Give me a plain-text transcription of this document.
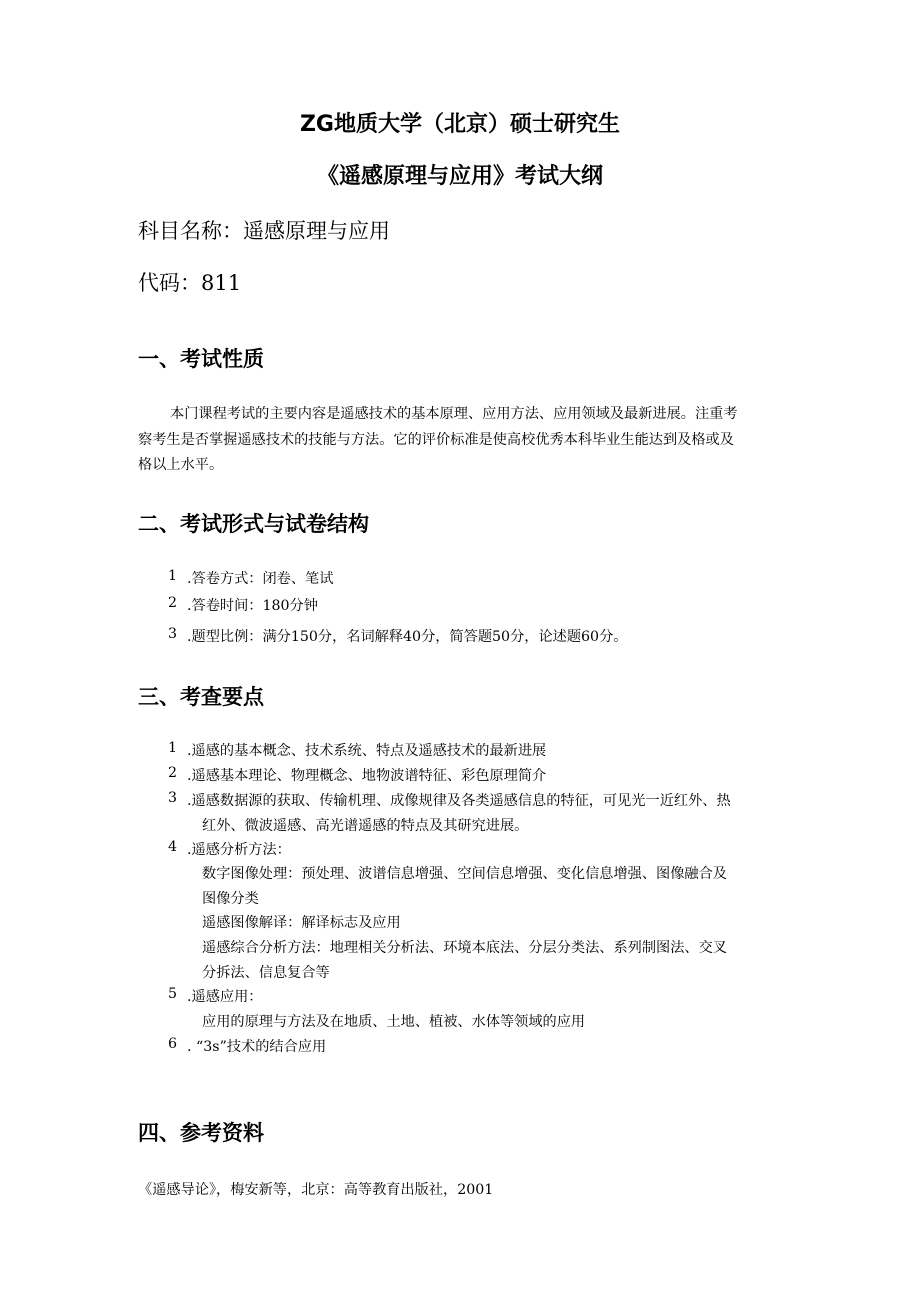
ZG地质大学（北京）硕士研究生
《遥感原理与应用》考试大纲
科目名称：遥感原理与应用
代码：811
一、考试性质
本门课程考试的主要内容是遥感技术的基本原理、应用方法、应用领域及最新进展。注重考
察考生是否掌握遥感技术的技能与方法。它的评价标准是使高校优秀本科毕业生能达到及格或及
格以上水平。
二、考试形式与试卷结构
1 .答卷方式：闭卷、笔试
2 .答卷时间：180分钟
3 .题型比例：满分150分，名词解释40分，简答题50分，论述题60分。
三、考查要点
1 .遥感的基本概念、技术系统、特点及遥感技术的最新进展
2 .遥感基本理论、物理概念、地物波谱特征、彩色原理简介
3 .遥感数据源的获取、传输机理、成像规律及各类遥感信息的特征，可见光一近红外、热
红外、微波遥感、高光谱遥感的特点及其研究进展。
4 .遥感分析方法：
数字图像处理：预处理、波谱信息增强、空间信息增强、变化信息增强、图像融合及
图像分类
遥感图像解译：解译标志及应用
遥感综合分析方法：地理相关分析法、环境本底法、分层分类法、系列制图法、交叉
分拆法、信息复合等
5 .遥感应用：
应用的原理与方法及在地质、土地、植被、水体等领域的应用
6 . “3s”技术的结合应用
四、参考资料
《遥感导论》，梅安新等，北京：高等教育出版社，2001
